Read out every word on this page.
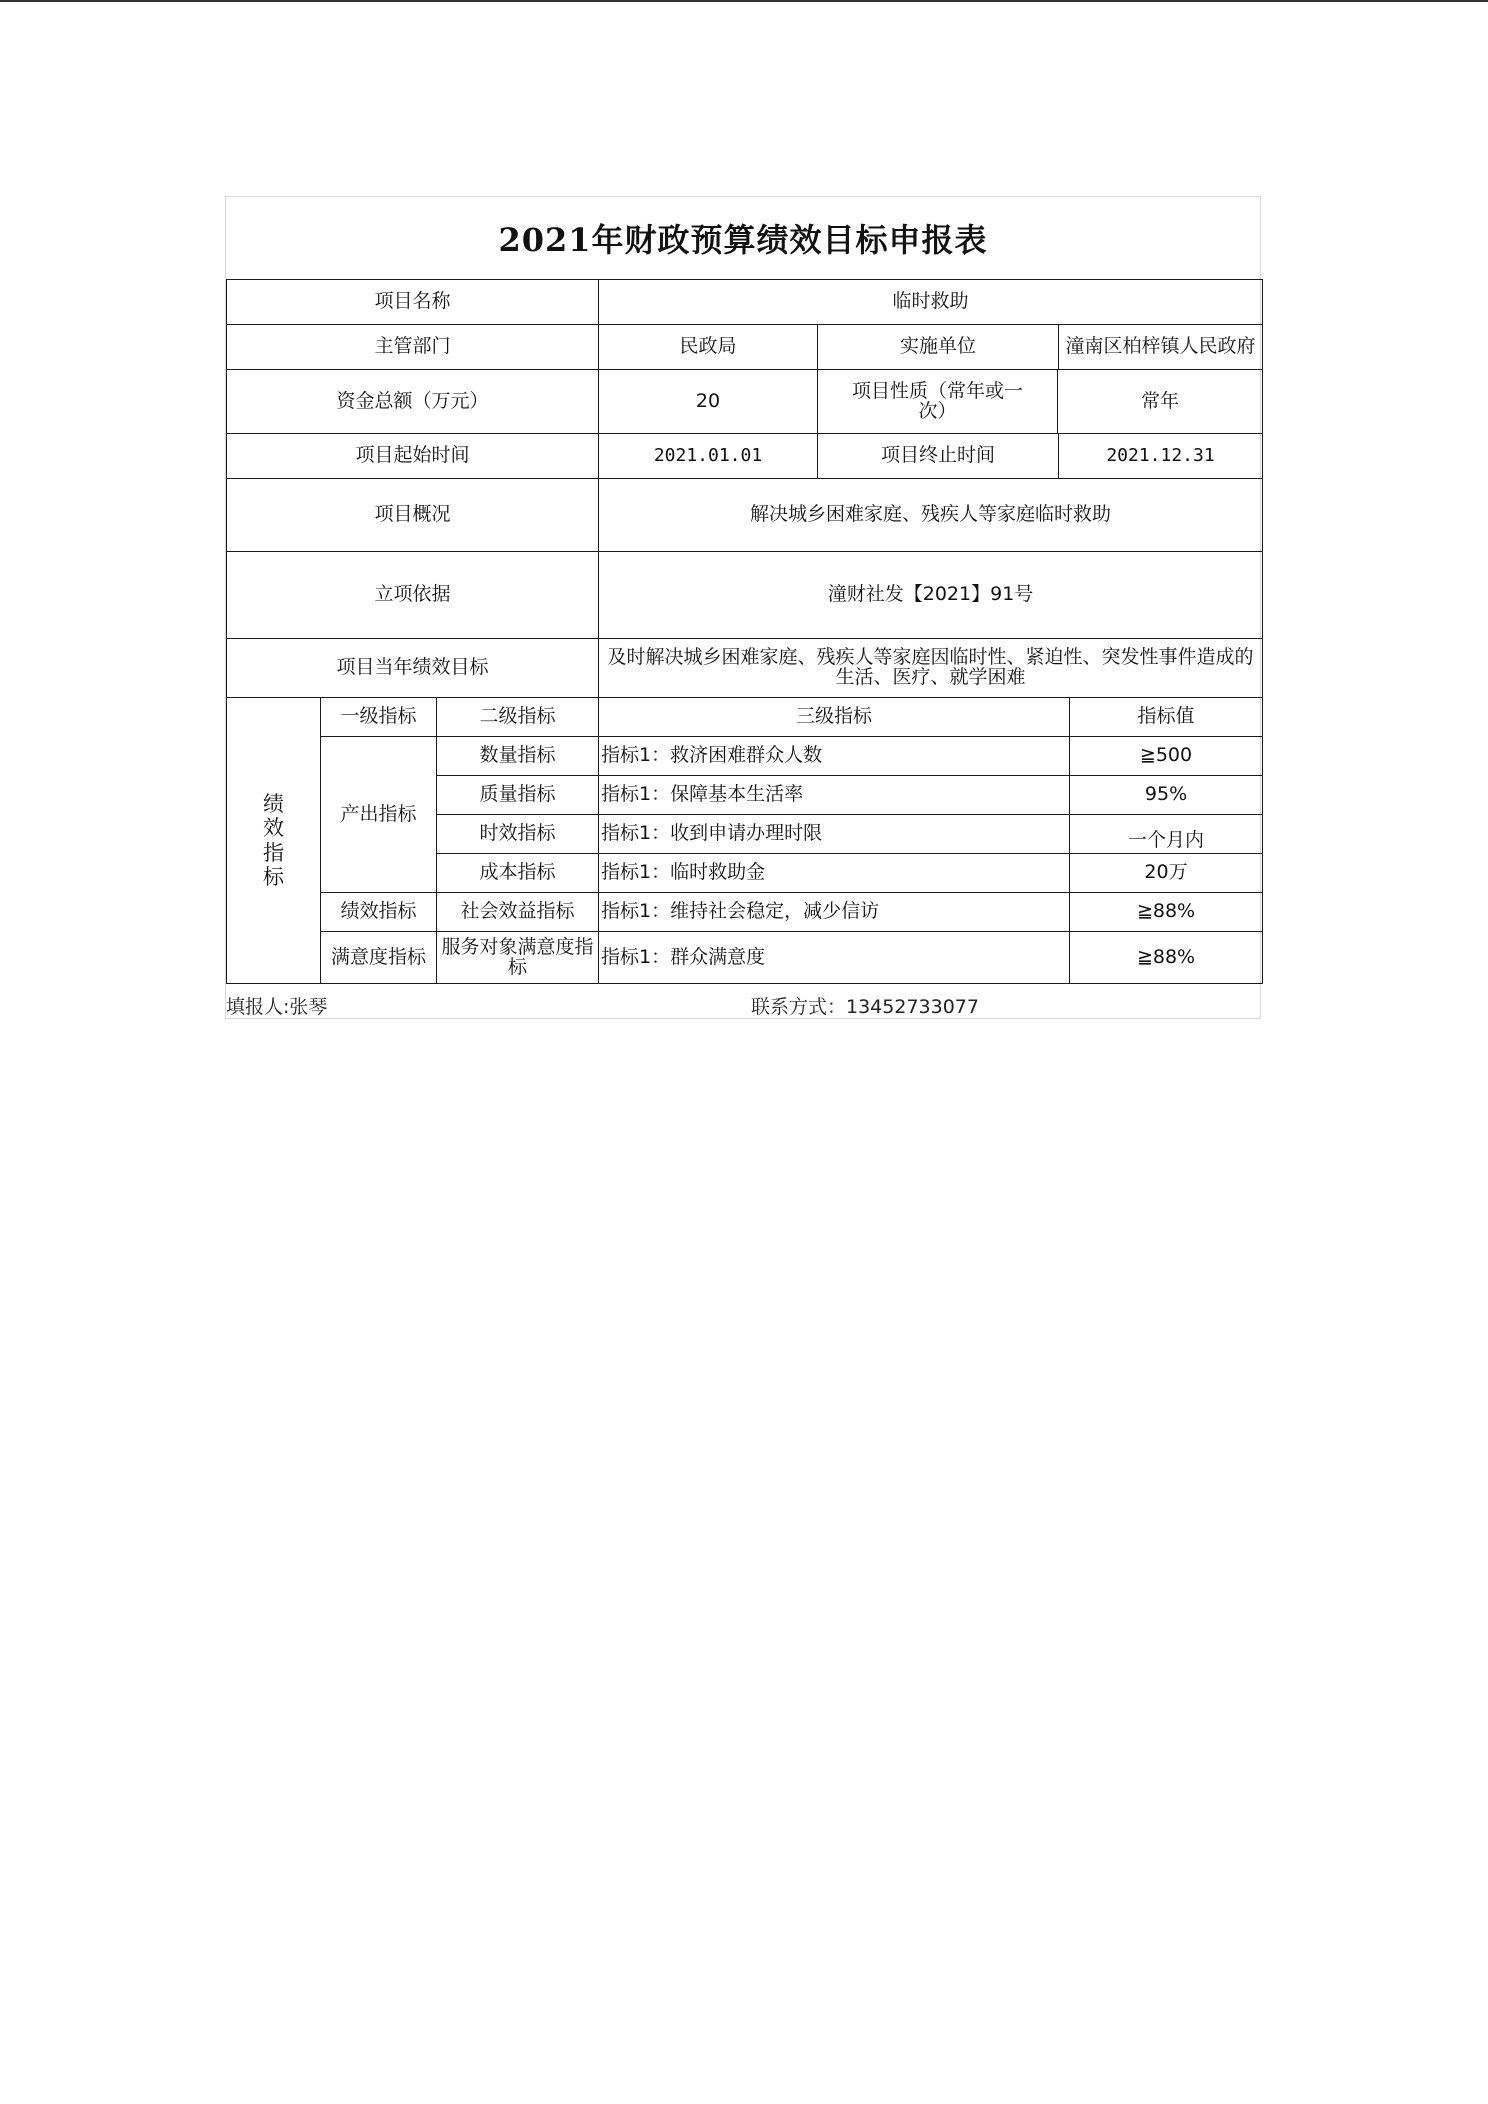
2021年财政预算绩效目标申报表
项目名称			临时救助	
主管部门			民政局 实施单位 潼南区柏梓镇人民政府	

资金总额（万元）			20 项目性质（常年或一次） 常年	

项目起始时间			2021.01.01 项目终止时间 2021.12.31	

项目概况			解决城乡困难家庭、残疾人等家庭临时救助	
立项依据			潼财社发【2021】91号	
项目当年绩效目标			及时解决城乡困难家庭、残疾人等家庭因临时性、紧迫性、突发性事件造成的生活、医疗、就学困难	
绩效指标	一级指标	二级指标	三级指标	指标值
	产出指标	数量指标	指标1：救济困难群众人数	≧500
		质量指标	指标1：保障基本生活率	95%
		时效指标	指标1：收到申请办理时限	一个月内
		成本指标	指标1：临时救助金	20万
	绩效指标	社会效益指标	指标1：维持社会稳定，减少信访	≧88%
	满意度指标	服务对象满意度指标	指标1：群众满意度	≧88%
填报人:张琴	联系方式：13452733077
